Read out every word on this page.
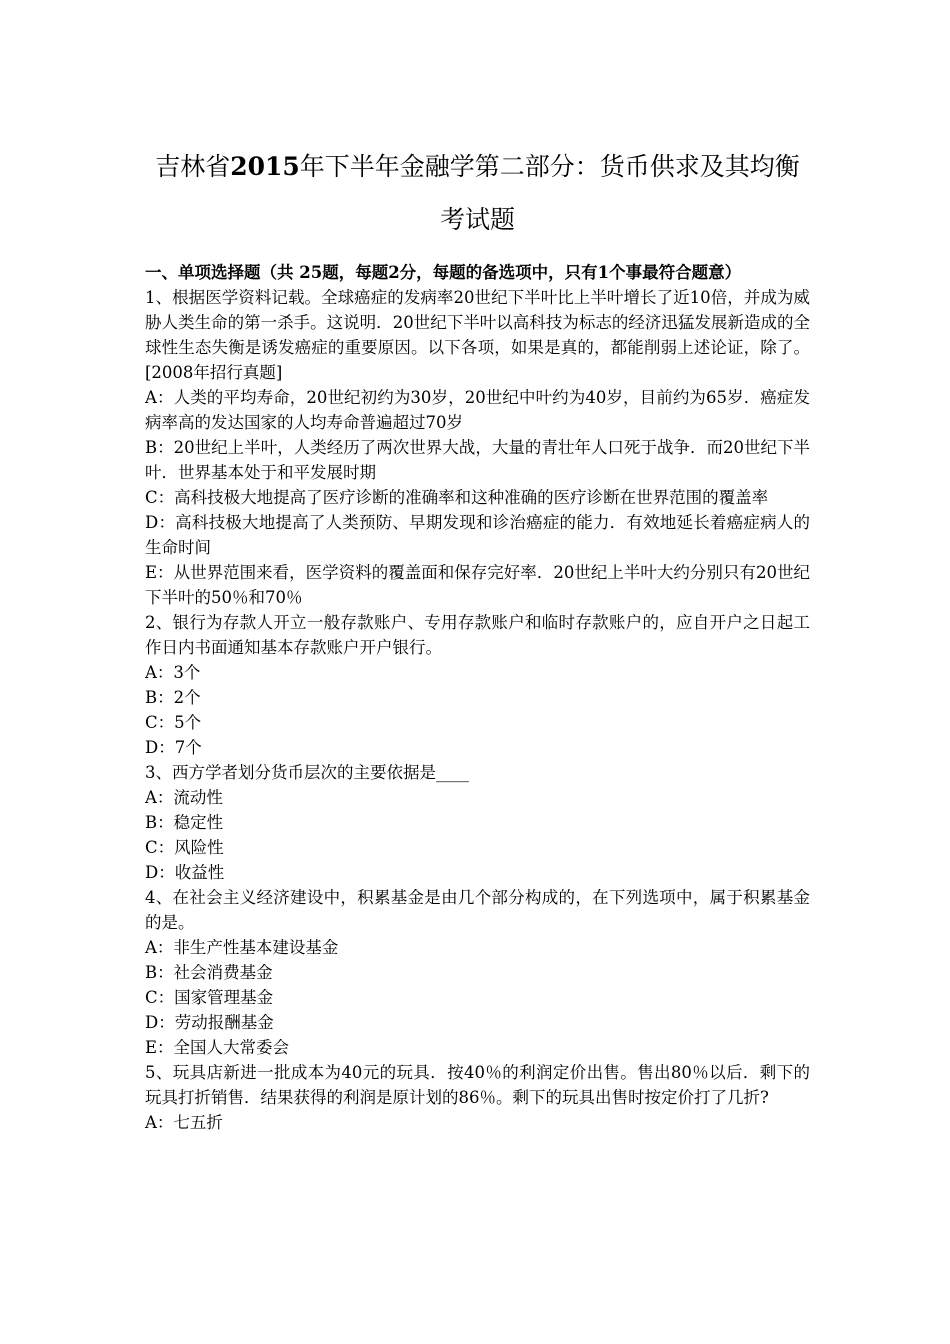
吉林省2015年下半年金融学第二部分：货币供求及其均衡
考试题

一、单项选择题（共 25题，每题2分，每题的备选项中，只有1个事最符合题意）

1、根据医学资料记载。全球癌症的发病率20世纪下半叶比上半叶增长了近10倍，并成为威胁人类生命的第一杀手。这说明．20世纪下半叶以高科技为标志的经济迅猛发展新造成的全球性生态失衡是诱发癌症的重要原因。以下各项，如果是真的，都能削弱上述论证，除了。[2008年招行真题]

A：人类的平均寿命，20世纪初约为30岁，20世纪中叶约为40岁，目前约为65岁．癌症发病率高的发达国家的人均寿命普遍超过70岁

B：20世纪上半叶，人类经历了两次世界大战，大量的青壮年人口死于战争．而20世纪下半叶．世界基本处于和平发展时期

C：高科技极大地提高了医疗诊断的准确率和这种准确的医疗诊断在世界范围的覆盖率

D：高科技极大地提高了人类预防、早期发现和诊治癌症的能力．有效地延长着癌症病人的生命时间

E：从世界范围来看，医学资料的覆盖面和保存完好率．20世纪上半叶大约分别只有20世纪下半叶的50％和70％

2、银行为存款人开立一般存款账户、专用存款账户和临时存款账户的，应自开户之日起工作日内书面通知基本存款账户开户银行。

A：3个

B：2个

C：5个

D：7个

3、西方学者划分货币层次的主要依据是____

A：流动性

B：稳定性

C：风险性

D：收益性

4、在社会主义经济建设中，积累基金是由几个部分构成的，在下列选项中，属于积累基金的是。

A：非生产性基本建设基金

B：社会消费基金

C：国家管理基金

D：劳动报酬基金

E：全国人大常委会

5、玩具店新进一批成本为40元的玩具．按40％的利润定价出售。售出80％以后．剩下的玩具打折销售．结果获得的利润是原计划的86％。剩下的玩具出售时按定价打了几折?

A：七五折
